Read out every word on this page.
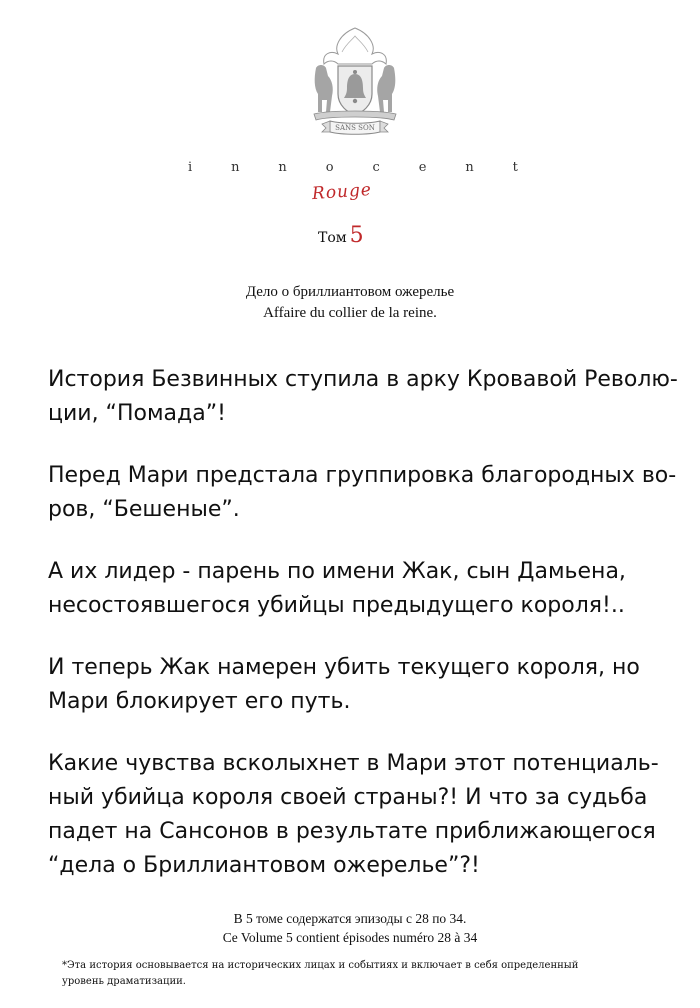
SANS SON
i	n	n	o	c	e	n	t
Rouge
Том 5
Дело о бриллиантовом ожерелье
Affaire du collier de la reine.

История Безвинных ступила в арку Кровавой Револю-
ции, “Помада”!

Перед Мари предстала группировка благородных во-
ров, “Бешеные”.

А их лидер - парень по имени Жак, сын Дамьена,
несостоявшегося убийцы предыдущего короля!..

И теперь Жак намерен убить текущего короля, но
Мари блокирует его путь.

Какие чувства всколыхнет в Мари этот потенциаль-
ный убийца короля своей страны?! И что за судьба
падет на Сансонов в результате приближающегося
“дела о Бриллиантовом ожерелье”?!

В 5 томе содержатся эпизоды с 28 по 34.
Ce Volume 5 contient épisodes numéro 28 à 34
*Эта история основывается на исторических лицах и событиях и включает в себя определенный
уровень драматизации.
